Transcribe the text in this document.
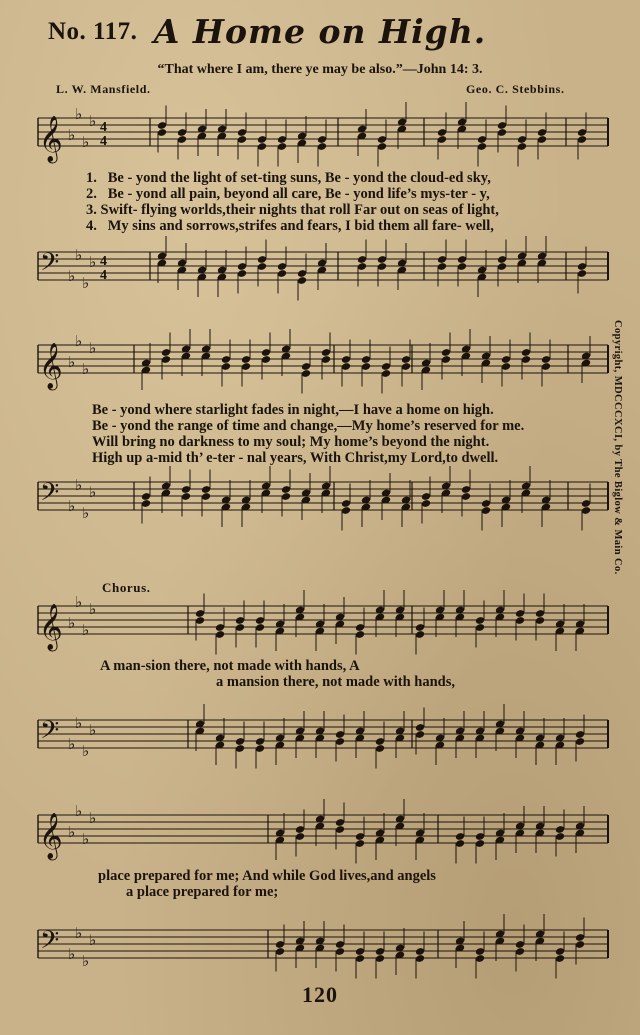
No. 117. A Home on High.
“That where I am, there ye may be also.”—John 14: 3.
L. W. Mansfield.	Geo. C. Stebbins.
𝄞 ♭
♭
♭
♭ 4
4
𝄢 ♭
♭
♭
♭ 4
4
𝄞 ♭
♭
♭
♭
𝄢 ♭
♭
♭
♭
𝄞 ♭
♭
♭
♭
𝄢 ♭
♭
♭
♭
𝄞 ♭
♭
♭
♭
𝄢 ♭
♭
♭
♭
1. Be - yond the light of set-ting suns, Be - yond the cloud-ed sky,
2. Be - yond all pain, beyond all care, Be - yond life’s mys-ter - y,
3. Swift- flying worlds,their nights that roll Far out on seas of light,
4. My sins and sorrows,strifes and fears, I bid them all fare- well,
Be - yond where starlight fades in night,—I have a home on high.
Be - yond the range of time and change,—My home’s reserved for me.
Will bring no darkness to my soul; My home’s beyond the night.
High up a-mid th’ e-ter - nal years, With Christ,my Lord,to dwell.
Chorus.
A man-sion there, not made with hands, A
a mansion there, not made with hands,
place prepared for me; And while God lives,and angels
a place prepared for me;
Copyright, MDCCCXCI, by The Biglow & Main Co.
120
